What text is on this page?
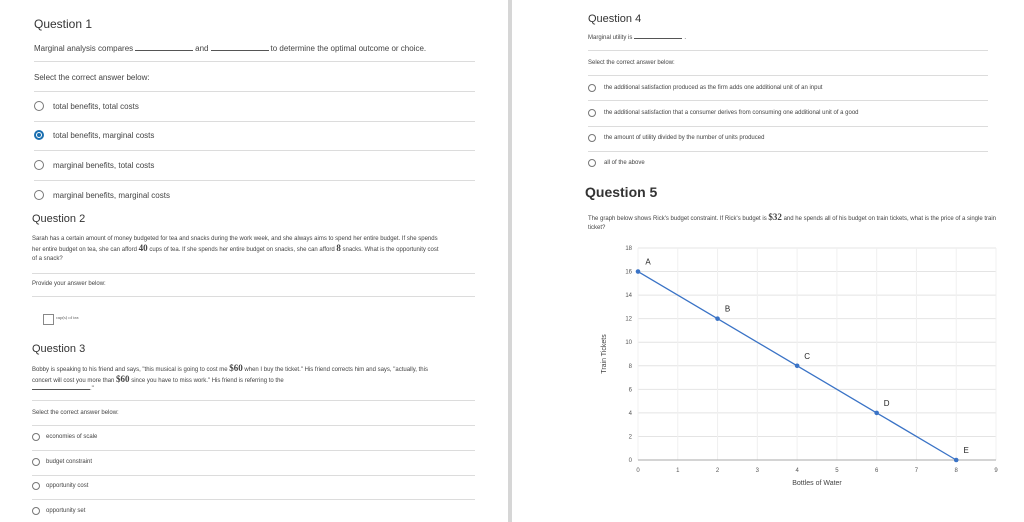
Question 1
Marginal analysis compares	and	to determine the optimal outcome or choice.
Select the correct answer below:
total benefits, total costs
total benefits, marginal costs
marginal benefits, total costs
marginal benefits, marginal costs
Question 2
Sarah has a certain amount of money budgeted for tea and snacks during the work week, and she always aims to spend her entire budget. If she spends her entire budget on tea, she can afford 40 cups of tea. If she spends her entire budget on snacks, she can afford 8 snacks. What is the opportunity cost of a snack?
Provide your answer below:
cup(s) of tea
Question 3
Bobby is speaking to his friend and says, "this musical is going to cost me $60 when I buy the ticket." His friend corrects him and says, "actually, this concert will cost you more than $60 since you have to miss work." His friend is referring to the
."
Select the correct answer below:
economies of scale
budget constraint
opportunity cost
opportunity set
Question 4
Marginal utility is	.
Select the correct answer below:
the additional satisfaction produced as the firm adds one additional unit of an input
the additional satisfaction that a consumer derives from consuming one additional unit of a good
the amount of utility divided by the number of units produced
all of the above
Question 5
The graph below shows Rick's budget constraint. If Rick's budget is $32 and he spends all of his budget on train tickets, what is the price of a single train ticket?
0	1	2	3	4	5	6	7	8	9
0
2
4
6
8
10
12
14
16
18
A
B
C
D
E
Bottles of Water
Train Tickets
